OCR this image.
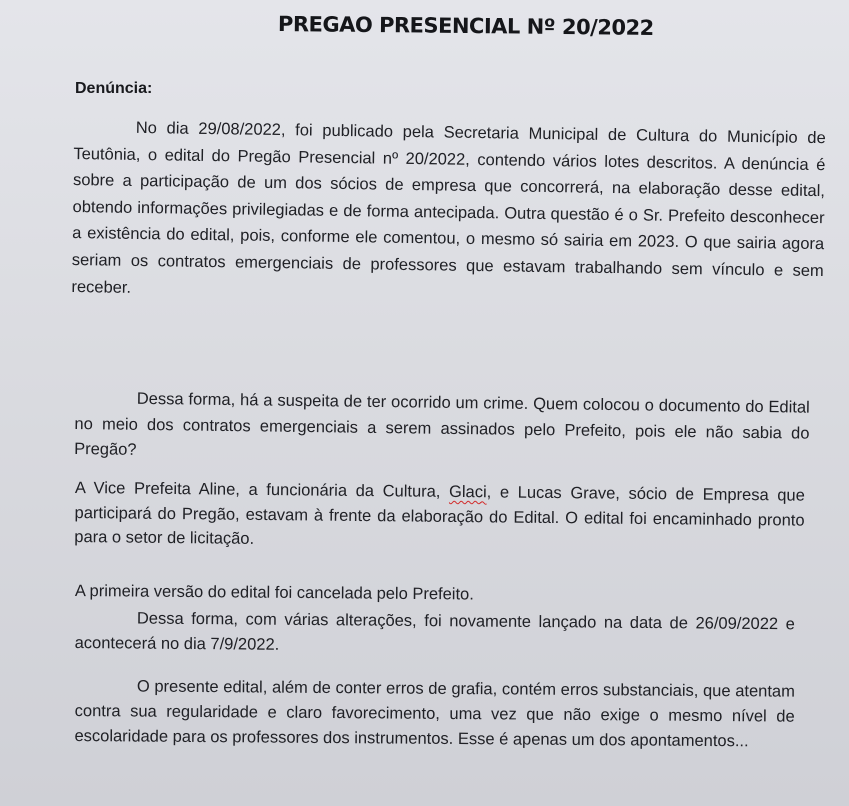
PREGAO PRESENCIAL Nº 20/2022
Denúncia:

No dia 29/08/2022, foi publicado pela Secretaria Municipal de Cultura do Município de Teutônia, o edital do Pregão Presencial nº 20/2022, contendo vários lotes descritos. A denúncia é sobre a participação de um dos sócios de empresa que concorrerá, na elaboração desse edital, obtendo informações privilegiadas e de forma antecipada. Outra questão é o Sr. Prefeito desconhecer a existência do edital, pois, conforme ele comentou, o mesmo só sairia em 2023. O que sairia agora seriam os contratos emergenciais de professores que estavam trabalhando sem vínculo e sem receber.

Dessa forma, há a suspeita de ter ocorrido um crime. Quem colocou o documento do Edital no meio dos contratos emergenciais a serem assinados pelo Prefeito, pois ele não sabia do Pregão?

A Vice Prefeita Aline, a funcionária da Cultura, Glaci, e Lucas Grave, sócio de Empresa que participará do Pregão, estavam à frente da elaboração do Edital. O edital foi encaminhado pronto para o setor de licitação.

A primeira versão do edital foi cancelada pelo Prefeito.

Dessa forma, com várias alterações, foi novamente lançado na data de 26/09/2022 e acontecerá no dia 7/9/2022.

O presente edital, além de conter erros de grafia, contém erros substanciais, que atentam contra sua regularidade e claro favorecimento, uma vez que não exige o mesmo nível de escolaridade para os professores dos instrumentos. Esse é apenas um dos apontamentos...
